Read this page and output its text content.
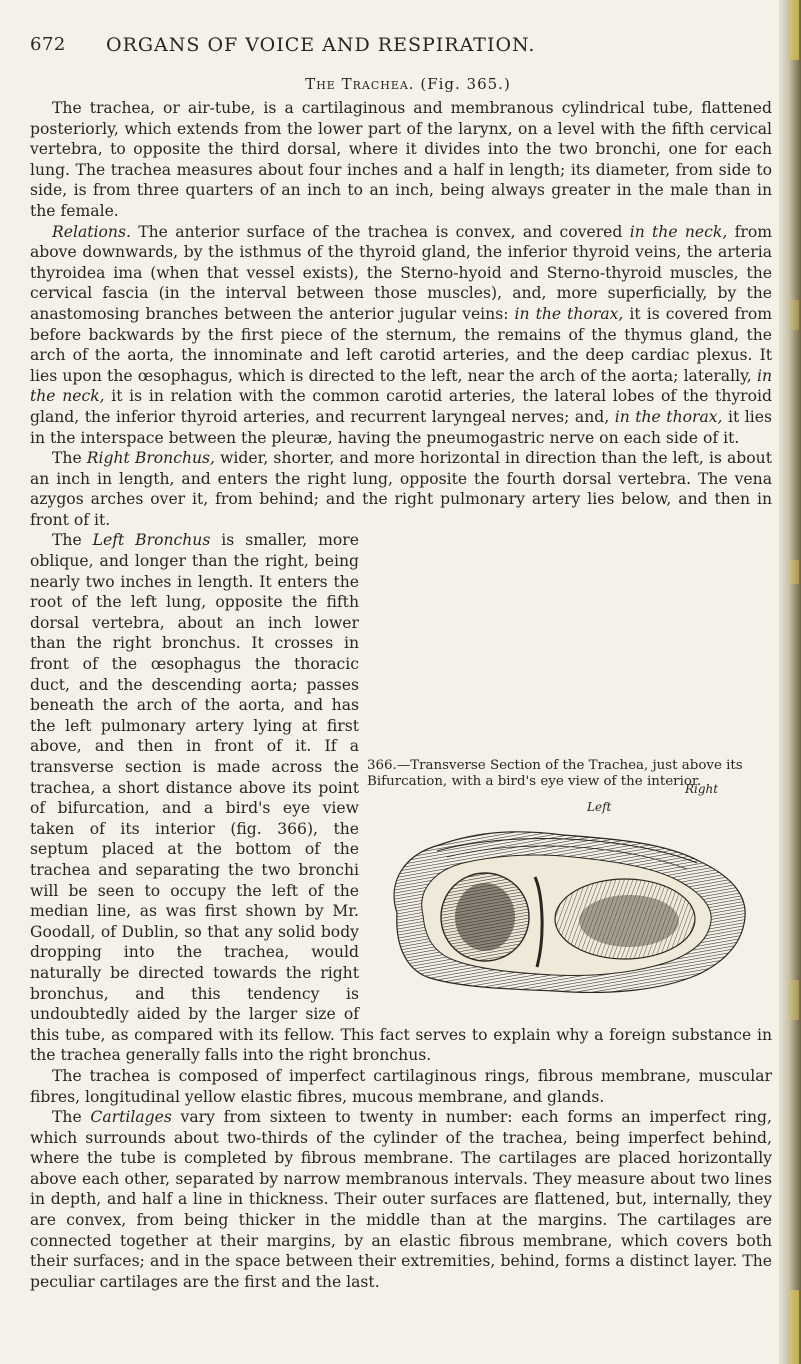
672	ORGANS OF VOICE AND RESPIRATION.
The Trachea. (Fig. 365.)

The trachea, or air-tube, is a cartilaginous and membranous cylindrical tube, flattened posteriorly, which extends from the lower part of the larynx, on a level with the fifth cervical vertebra, to opposite the third dorsal, where it divides into the two bronchi, one for each lung. The trachea measures about four inches and a half in length; its diameter, from side to side, is from three quarters of an inch to an inch, being always greater in the male than in the female.

Relations. The anterior surface of the trachea is convex, and covered in the neck, from above downwards, by the isthmus of the thyroid gland, the inferior thyroid veins, the arteria thyroidea ima (when that vessel exists), the Sterno-hyoid and Sterno-thyroid muscles, the cervical fascia (in the interval between those muscles), and, more superficially, by the anastomosing branches between the anterior jugular veins: in the thorax, it is covered from before backwards by the first piece of the sternum, the remains of the thymus gland, the arch of the aorta, the innominate and left carotid arteries, and the deep cardiac plexus. It lies upon the œsophagus, which is directed to the left, near the arch of the aorta; laterally, in the neck, it is in relation with the common carotid arteries, the lateral lobes of the thyroid gland, the inferior thyroid arteries, and recurrent laryngeal nerves; and, in the thorax, it lies in the interspace between the pleuræ, having the pneumogastric nerve on each side of it.

The Right Bronchus, wider, shorter, and more horizontal in direction than the left, is about an inch in length, and enters the right lung, opposite the fourth dorsal vertebra. The vena azygos arches over it, from behind; and the right pulmonary artery lies below, and then in front of it.

366.—Transverse Section of the Trachea, just above its Bifurcation, with a bird's eye view of the interior.
Left
Right
The Left Bronchus is smaller, more oblique, and longer than the right, being nearly two inches in length. It enters the root of the left lung, opposite the fifth dorsal vertebra, about an inch lower than the right bronchus. It crosses in front of the œsophagus the thoracic duct, and the descending aorta; passes beneath the arch of the aorta, and has the left pulmonary artery lying at first above, and then in front of it. If a transverse section is made across the trachea, a short distance above its point of bifurcation, and a bird's eye view taken of its interior (fig. 366), the septum placed at the bottom of the trachea and separating the two bronchi will be seen to occupy the left of the median line, as was first shown by Mr. Goodall, of Dublin, so that any solid body dropping into the trachea, would naturally be directed towards the right bronchus, and this tendency is undoubtedly aided by the larger size of this tube, as compared with its fellow. This fact serves to explain why a foreign substance in the trachea generally falls into the right bronchus.

The trachea is composed of imperfect cartilaginous rings, fibrous membrane, muscular fibres, longitudinal yellow elastic fibres, mucous membrane, and glands.

The Cartilages vary from sixteen to twenty in number: each forms an imperfect ring, which surrounds about two-thirds of the cylinder of the trachea, being imperfect behind, where the tube is completed by fibrous membrane. The cartilages are placed horizontally above each other, separated by narrow membranous intervals. They measure about two lines in depth, and half a line in thickness. Their outer surfaces are flattened, but, internally, they are convex, from being thicker in the middle than at the margins. The cartilages are connected together at their margins, by an elastic fibrous membrane, which covers both their surfaces; and in the space between their extremities, behind, forms a distinct layer. The peculiar cartilages are the first and the last.
